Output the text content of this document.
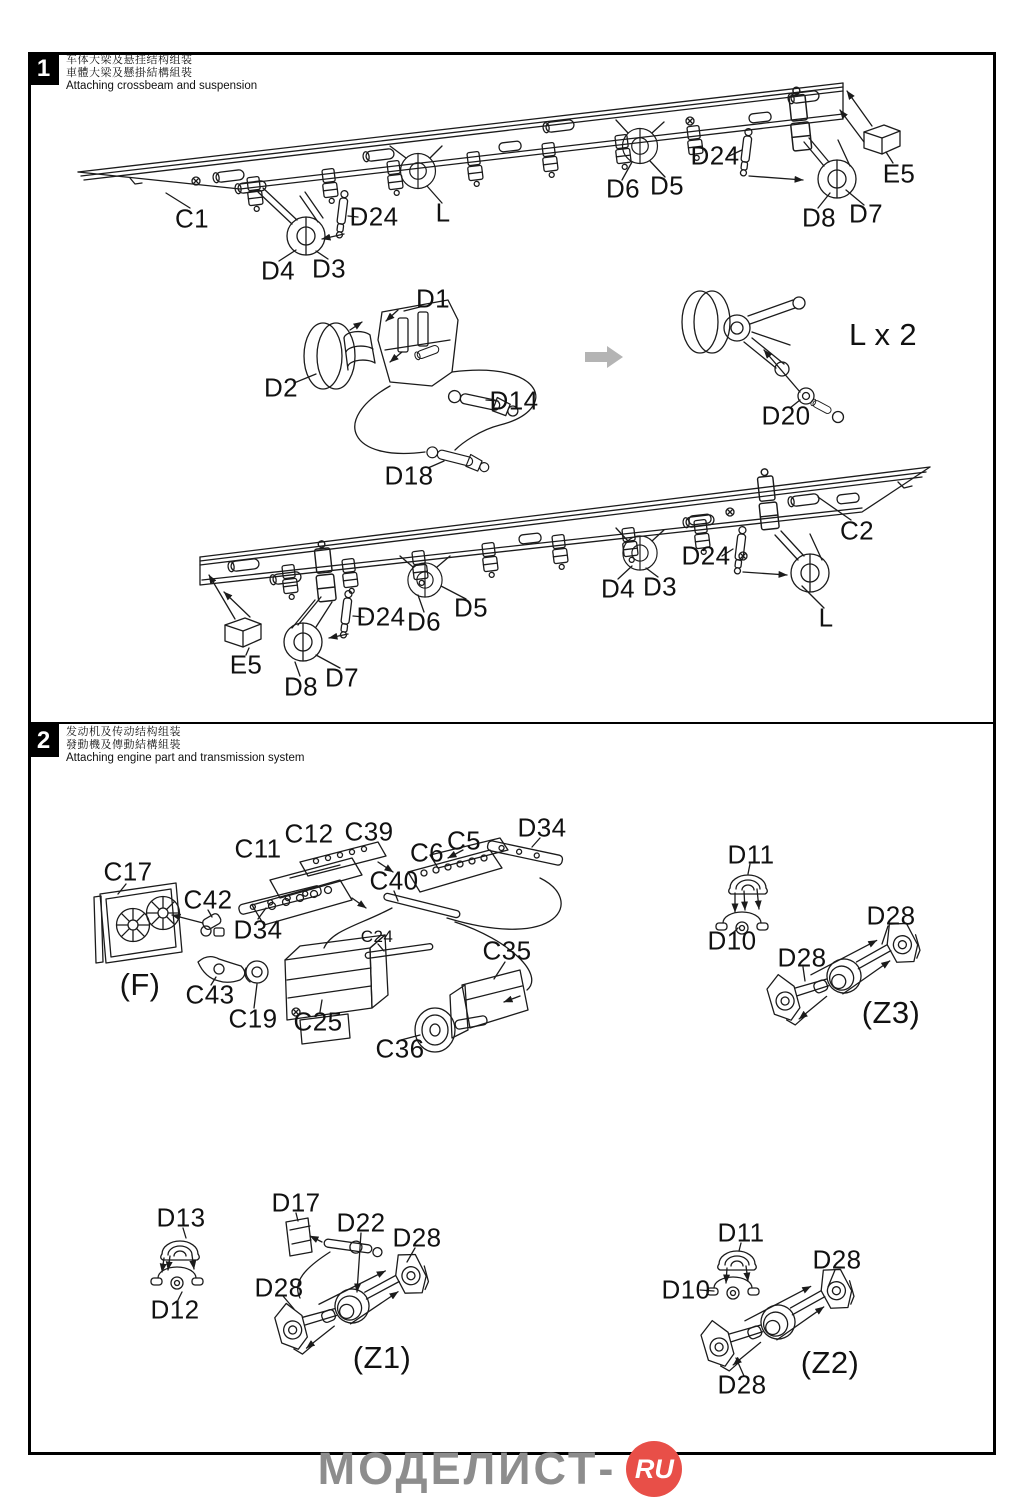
C1
D4 D3
D24 L
D6 D5
D24
D8 D7
E5
D1
D2	D14
D18
L x 2
D20
C2
D24
D4 D3
D6 D5
D24	L
E5
D8 D7
C17
C11 C12 C39
C42
D34
C40
C6 C5 D34
C24
(F) C43
C19 C25
C36
C35
D11
D10
D28
D28
(Z3)
D13
D12
D17
D22 D28
D28
(Z1)
D11
D10
D28
D28
(Z2)
1	车体大梁及悬挂结构组装
車體大梁及懸掛結構組裝
Attaching crossbeam and suspension
2	发动机及传动结构组装
發動機及傳動結構組裝
Attaching engine part and transmission system
МОДЕЛИСТ- RU
